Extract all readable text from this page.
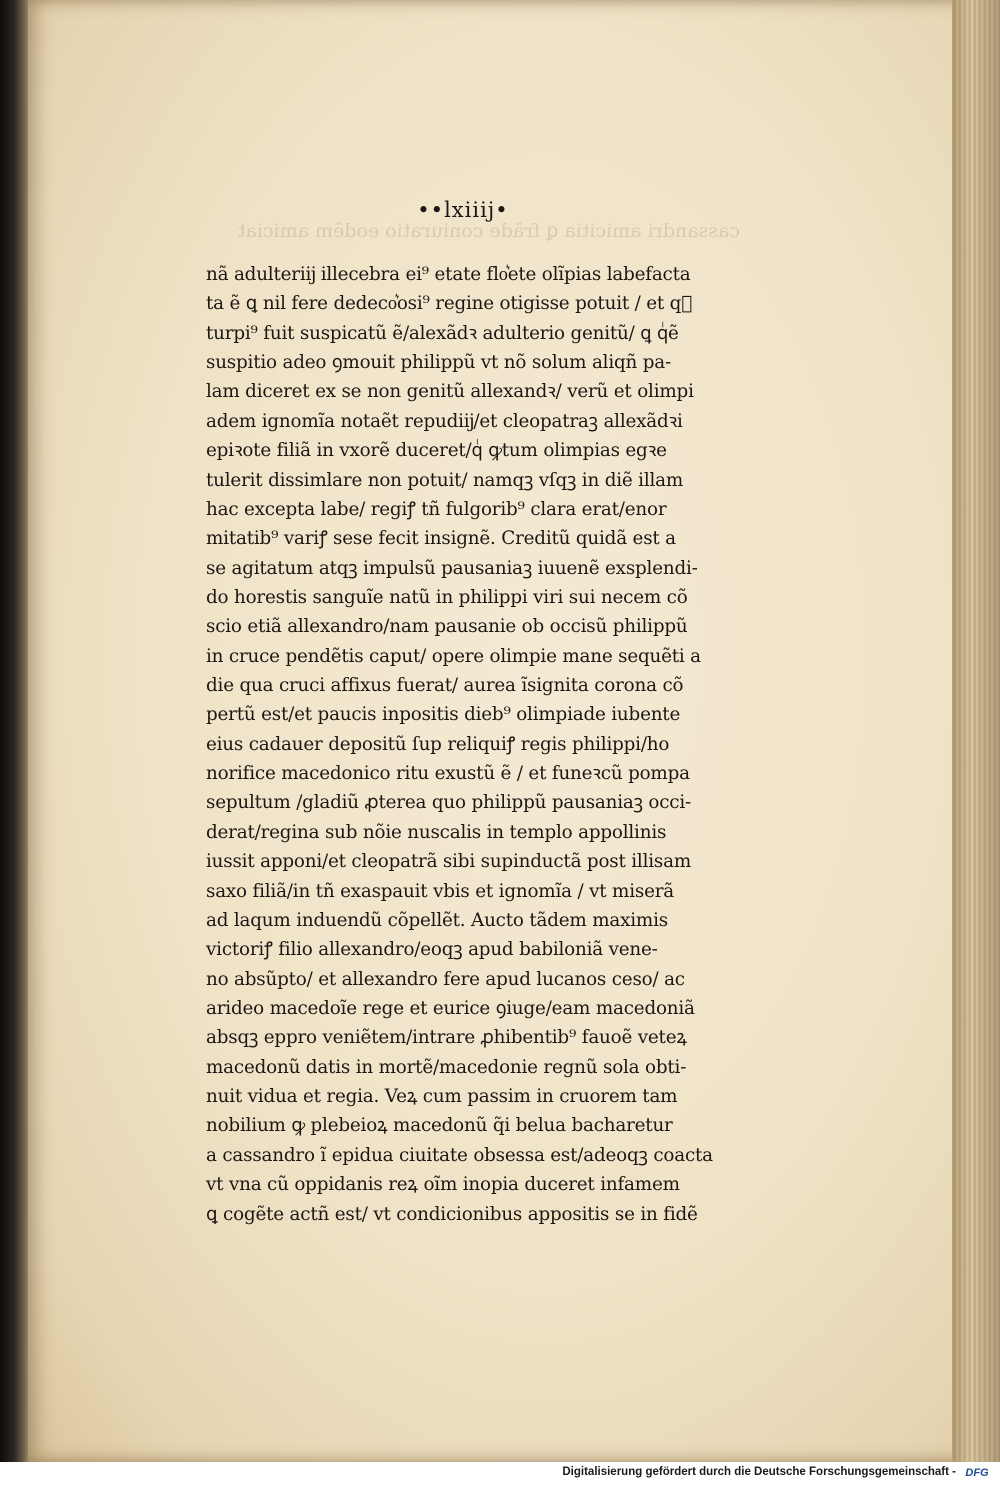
cassandri amicitia ꝗ frãde coniuratio eodẽm amiciat
••lxiiij•
nã adulteriĳ illecebra ei⁹ etate flo͛ete olĩpias labefacta
ta ẽ ꝗ nil fere dedeco͛osi⁹ regine otigisse potuit / et qᷝ
turpi⁹ fuit suspicatũ ẽ/alexãdꝛ adulterio genitũ/ ꝗ qᷝẽ
suspitio adeo ꝯmouit philippũ vt nõ solum aliqñ pa-
lam diceret ex se non genitũ allexandꝛ/ verũ et olimpi
adem ignomĩa notaẽt repudiĳ/et cleopatraꝫ allexãdꝛi
epiꝛote filiã in vxorẽ duceret/qᷝ ꝙtum olimpias egꝛe
tulerit dissimlare non potuit/ namqꝫ vſqꝫ in diẽ illam
hac excepta labe/ regiꝭ tñ fulgorib⁹ clara erat/enor
mitatib⁹ variꝭ sese fecit insignẽ. Creditũ quidã est a
se agitatum atqꝫ impulsũ pausaniaꝫ iuuenẽ exsplendi-
do horestis sanguĩe natũ in philippi viri sui necem cõ
scio etiã allexandro/nam pausanie ob occisũ philippũ
in cruce pendẽtis caput/ opere olimpie mane sequẽti a
die qua cruci affixus fuerat/ aurea ĩsignita corona cõ
pertũ est/et paucis inpositis dieb⁹ olimpiade iubente
eius cadauer depositũ ſup reliquiꝭ regis philippi/ho
norifice macedonico ritu exustũ ẽ / et funeꝛcũ pompa
sepultum /gladiũ ꝓterea quo philippũ pausaniaꝫ occi-
derat/regina sub nõie nuscalis in templo appollinis
iussit apponi/et cleopatrã sibi supinductã post illisam
saxo filiã/in tñ exaspauit vbis et ignomĩa / vt miserã
ad laqum induendũ cõpellẽt. Aucto tãdem maximis
victoriꝭ filio allexandro/eoqꝫ apud babiloniã vene-
no absũpto/ et allexandro fere apud lucanos ceso/ ac
arideo macedoĩe rege et eurice ꝯiuge/eam macedoniã
absqꝫ eppro veniẽtem/intrare ꝓhibentib⁹ fauoẽ veteꝝ
macedonũ datis in mortẽ/macedonie regnũ sola obti-
nuit vidua et regia. Veꝝ cum passim in cruorem tam
nobilium ꝙ plebeioꝝ macedonũ q̃i belua bacharetur
a cassandro ĩ epidua ciuitate obsessa est/adeoqꝫ coacta
vt vna cũ oppidanis reꝝ oĩm inopia duceret infamem
ꝗ cogẽte actñ est/ vt condicionibus appositis se in fidẽ
Digitalisierung gefördert durch die Deutsche Forschungsgemeinschaft - DFG
